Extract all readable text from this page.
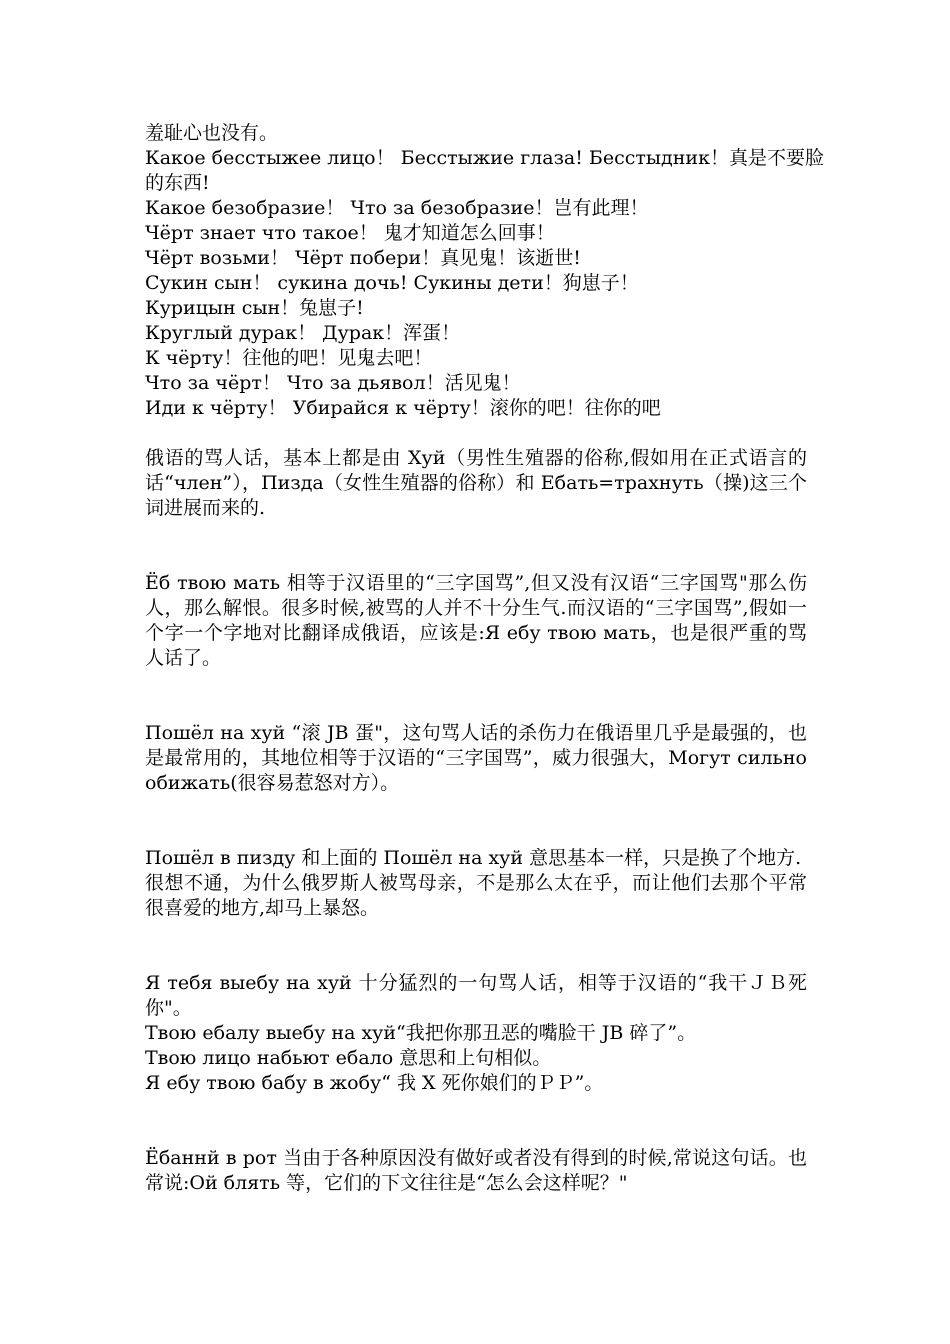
羞耻心也没有。

Какое бесстыжее лицо！ Бесстыжие глаза! Бесстыдник！真是不要脸

的东西!

Какое безобразие！ Что за безобразие！岂有此理！

Чёрт знает что такое！ 鬼才知道怎么回事！

Чёрт возьми！ Чёрт побери！真见鬼！该逝世!

Сукин сын！ сукина дочь! Сукины дети！狗崽子！

Курицын сын！兔崽子!

Круглый дурак！ Дурак！浑蛋！

К чёрту！往他的吧！见鬼去吧！

Что за чёрт！ Что за дьявол！活见鬼！

Иди к чёрту！ Убирайся к чёрту！滚你的吧！往你的吧

俄语的骂人话，基本上都是由 Хуй（男性生殖器的俗称,假如用在正式语言的话“член”），Пизда（女性生殖器的俗称）和 Ебать=трахнуть（操)这三个词进展而来的.

Ёб твою мать 相等于汉语里的“三字国骂”,但又没有汉语“三字国骂"那么伤人，那么解恨。很多时候,被骂的人并不十分生气.而汉语的“三字国骂”,假如一个字一个字地对比翻译成俄语，应该是:Я ебу твою мать，也是很严重的骂人话了。

Пошёл на хуй “滚 JB 蛋"，这句骂人话的杀伤力在俄语里几乎是最强的，也是最常用的，其地位相等于汉语的“三字国骂”，威力很强大，Могут сильно обижать(很容易惹怒对方）。

Пошёл в пизду 和上面的 Пошёл на хуй 意思基本一样，只是换了个地方.

很想不通，为什么俄罗斯人被骂母亲，不是那么太在乎，而让他们去那个平常很喜爱的地方,却马上暴怒。

Я тебя выебу на хуй 十分猛烈的一句骂人话，相等于汉语的“我干ＪＢ死你"。

Твою ебалу выебу на хуй“我把你那丑恶的嘴脸干 JB 碎了”。

Твою лицо набьют ебало 意思和上句相似。

Я ебу твою бабу в жобу“ 我 X 死你娘们的ＰＰ”。

Ёбаннй в рот 当由于各种原因没有做好或者没有得到的时候,常说这句话。也常说:Ой блять 等，它们的下文往往是“怎么会这样呢？"
